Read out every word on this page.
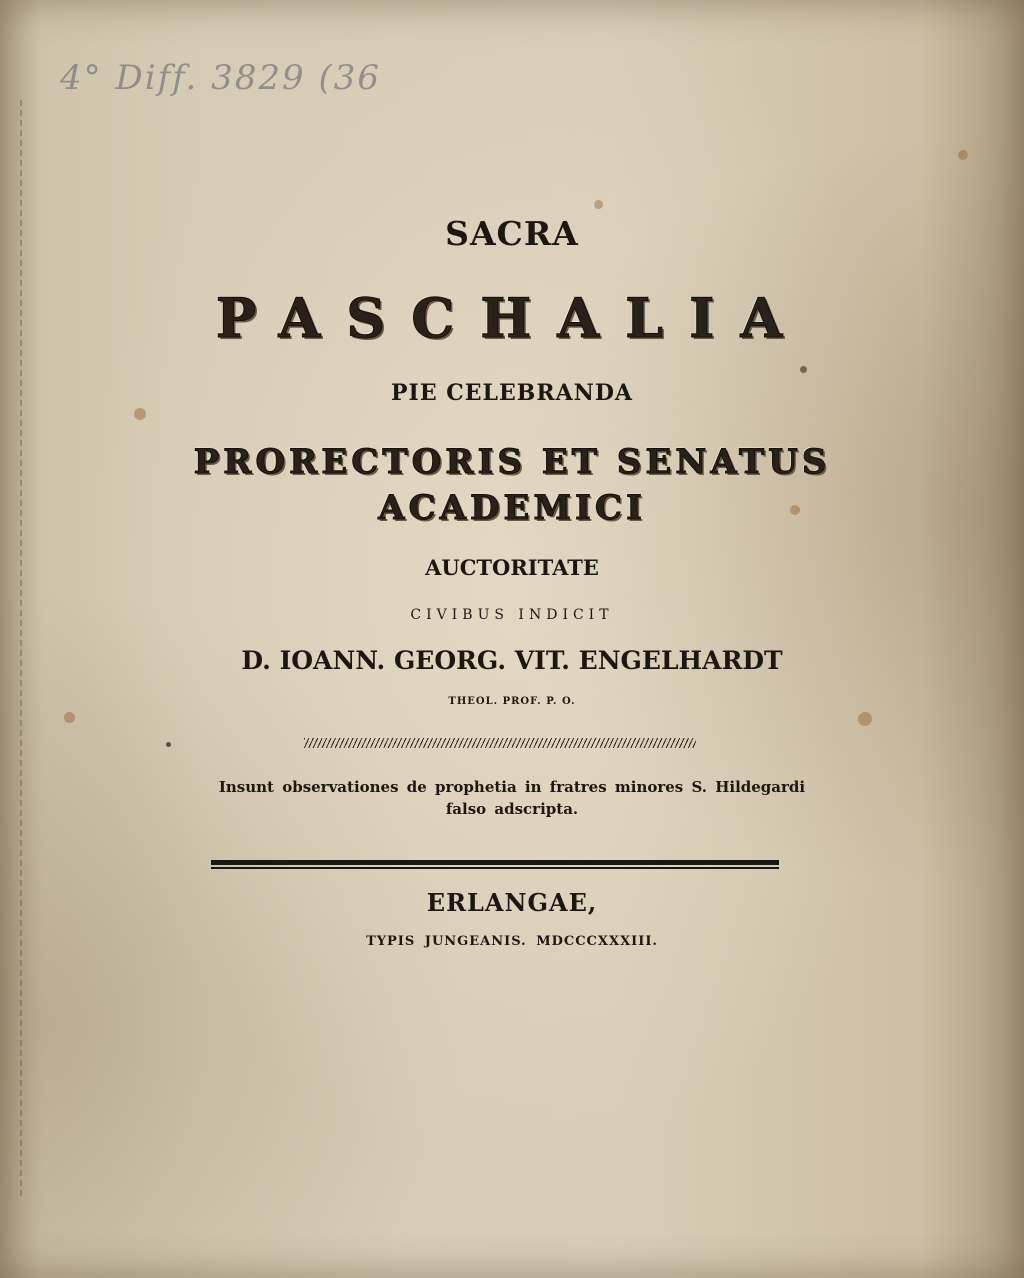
4° Diff. 3829 (36
SACRA
PASCHALIA
PIE CELEBRANDA
PRORECTORIS ET SENATUS
ACADEMICI
AUCTORITATE
CIVIBUS INDICIT
D. IOANN. GEORG. VIT. ENGELHARDT
THEOL. PROF. P. O.
Insunt observationes de prophetia in fratres minores S. Hildegardi
falso adscripta.
ERLANGAE,
TYPIS JUNGEANIS. MDCCCXXXIII.
